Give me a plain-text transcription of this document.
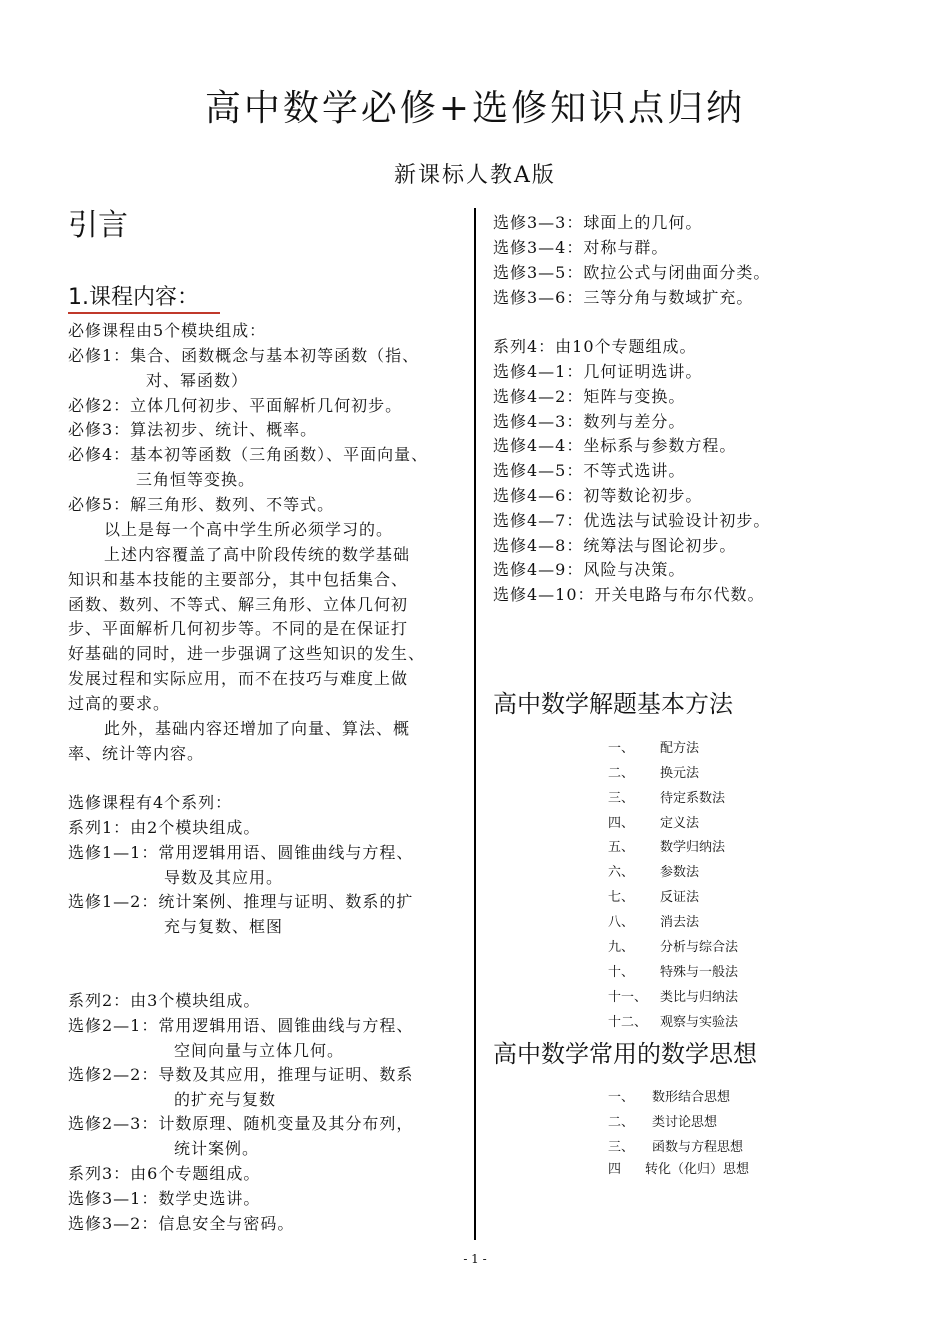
高中数学必修+选修知识点归纳
新课标人教A版
引言
1.课程内容：
必修课程由5个模块组成：
必修1：集合、函数概念与基本初等函数（指、
对、幂函数）
必修2：立体几何初步、平面解析几何初步。
必修3：算法初步、统计、概率。
必修4：基本初等函数（三角函数）、平面向量、
三角恒等变换。
必修5：解三角形、数列、不等式。
以上是每一个高中学生所必须学习的。
上述内容覆盖了高中阶段传统的数学基础
知识和基本技能的主要部分，其中包括集合、
函数、数列、不等式、解三角形、立体几何初
步、平面解析几何初步等。不同的是在保证打
好基础的同时，进一步强调了这些知识的发生、
发展过程和实际应用，而不在技巧与难度上做
过高的要求。
此外，基础内容还增加了向量、算法、概
率、统计等内容。
选修课程有4个系列：
系列1：由2个模块组成。
选修1—1：常用逻辑用语、圆锥曲线与方程、
导数及其应用。
选修1—2：统计案例、推理与证明、数系的扩
充与复数、框图
系列2：由3个模块组成。
选修2—1：常用逻辑用语、圆锥曲线与方程、
空间向量与立体几何。
选修2—2：导数及其应用，推理与证明、数系
的扩充与复数
选修2—3：计数原理、随机变量及其分布列，
统计案例。
系列3：由6个专题组成。
选修3—1：数学史选讲。
选修3—2：信息安全与密码。
选修3—3：球面上的几何。
选修3—4：对称与群。
选修3—5：欧拉公式与闭曲面分类。
选修3—6：三等分角与数域扩充。
系列4：由10个专题组成。
选修4—1：几何证明选讲。
选修4—2：矩阵与变换。
选修4—3：数列与差分。
选修4—4：坐标系与参数方程。
选修4—5：不等式选讲。
选修4—6：初等数论初步。
选修4—7：优选法与试验设计初步。
选修4—8：统筹法与图论初步。
选修4—9：风险与决策。
选修4—10：开关电路与布尔代数。
高中数学解题基本方法
一、 配方法
二、 换元法
三、 待定系数法
四、 定义法
五、 数学归纳法
六、 参数法
七、 反证法
八、 消去法
九、 分析与综合法
十、 特殊与一般法
十一、 类比与归纳法
十二、 观察与实验法
高中数学常用的数学思想
一、 数形结合思想
二、 类讨论思想
三、 函数与方程思想
四 转化（化归）思想
- 1 -
